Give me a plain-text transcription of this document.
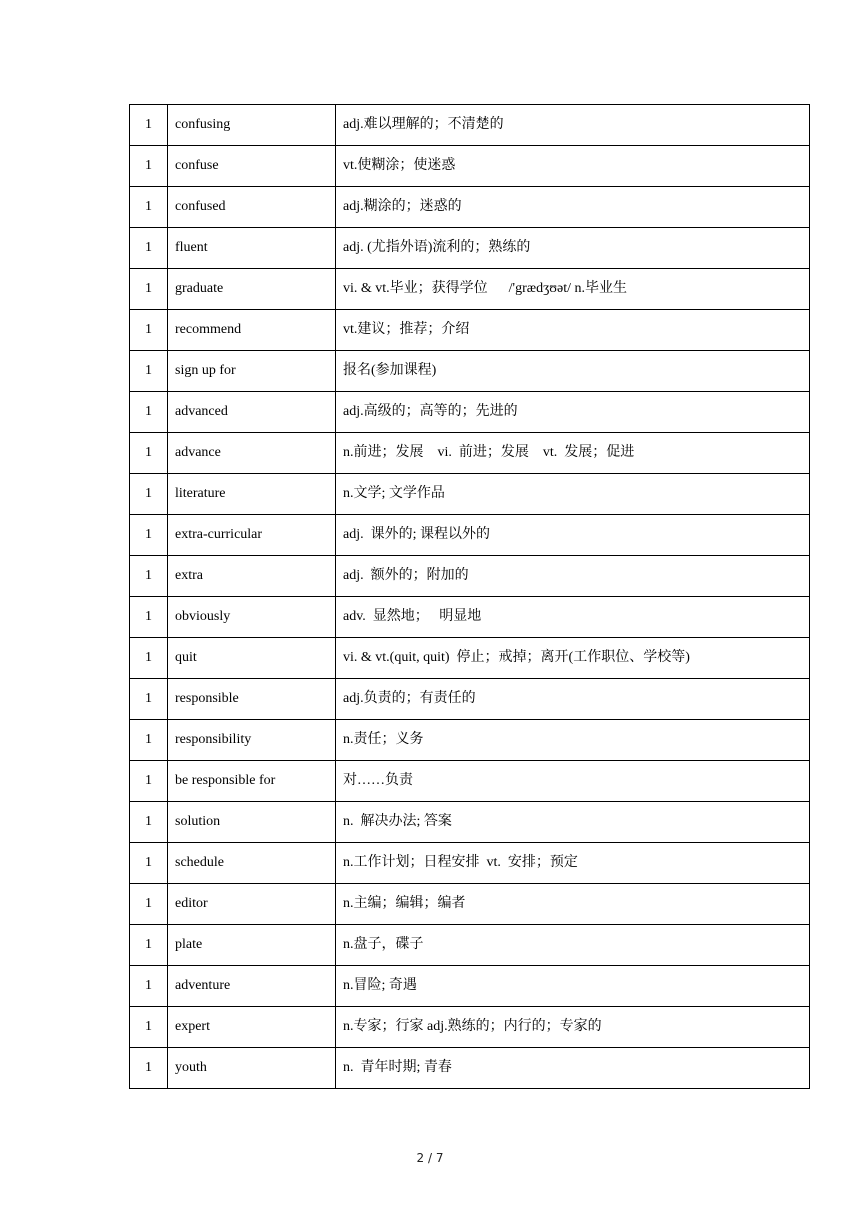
1	confusing	adj.难以理解的；不清楚的
1	confuse	vt.使糊涂；使迷惑
1	confused	adj.糊涂的；迷惑的
1	fluent	adj. (尤指外语)流利的；熟练的
1	graduate	vi. & vt.毕业；获得学位      /'grædʒʊət/ n.毕业生
1	recommend	vt.建议；推荐；介绍
1	sign up for	报名(参加课程)
1	advanced	adj.高级的；高等的；先进的
1	advance	n.前进；发展    vi.  前进；发展    vt.  发展；促进
1	literature	n.文学; 文学作品
1	extra-curricular	adj.  课外的; 课程以外的
1	extra	adj.  额外的；附加的
1	obviously	adv.  显然地；   明显地
1	quit	vi. & vt.(quit, quit)  停止；戒掉；离开(工作职位、学校等)
1	responsible	adj.负责的；有责任的
1	responsibility	n.责任；义务
1	be responsible for	对……负责
1	solution	n.  解决办法; 答案
1	schedule	n.工作计划；日程安排  vt.  安排；预定
1	editor	n.主编；编辑；编者
1	plate	n.盘子，碟子
1	adventure	n.冒险; 奇遇
1	expert	n.专家；行家 adj.熟练的；内行的；专家的
1	youth	n.  青年时期; 青春
2 / 7
